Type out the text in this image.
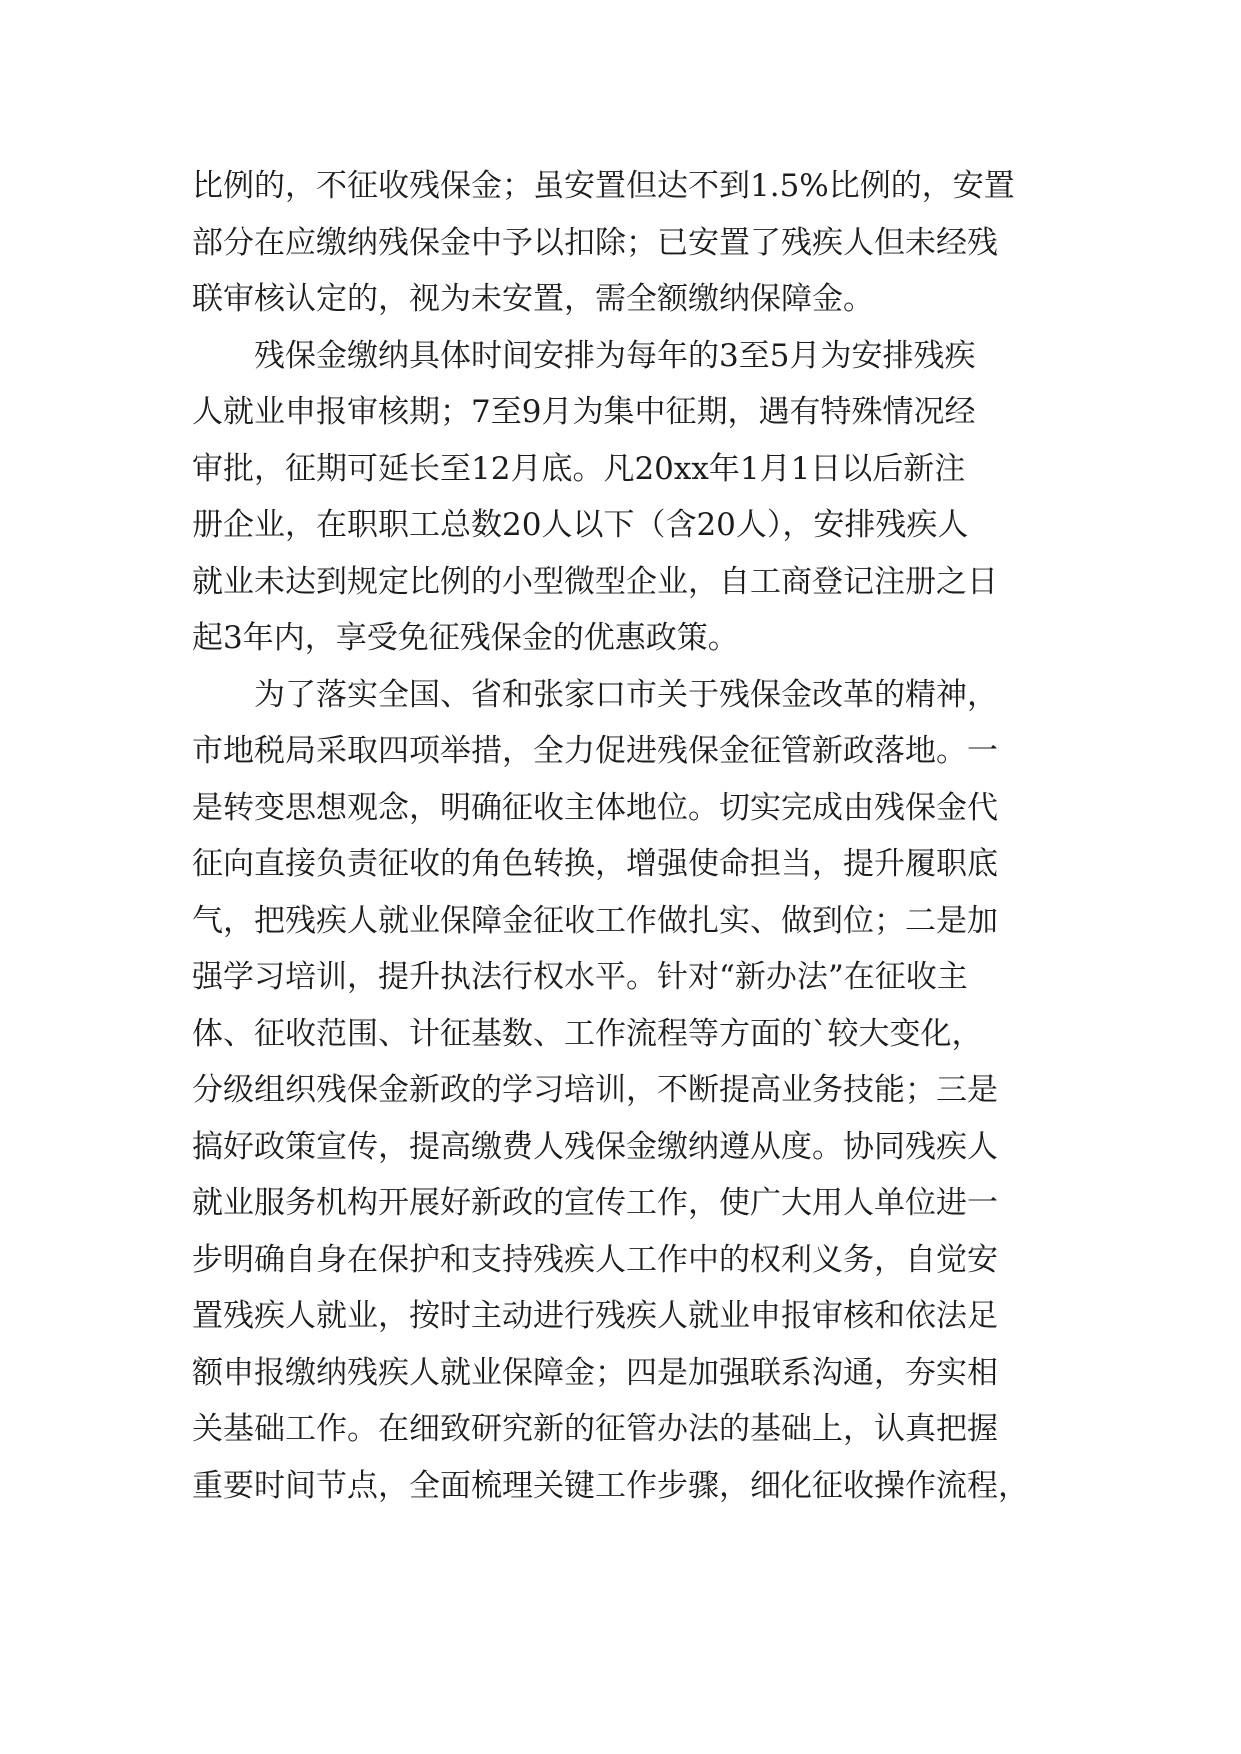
比例的，不征收残保金；虽安置但达不到1.5%比例的，安置
部分在应缴纳残保金中予以扣除；已安置了残疾人但未经残
联审核认定的，视为未安置，需全额缴纳保障金。
　　残保金缴纳具体时间安排为每年的3至5月为安排残疾
人就业申报审核期；7至9月为集中征期，遇有特殊情况经
审批，征期可延长至12月底。凡20xx年1月1日以后新注
册企业，在职职工总数20人以下（含20人），安排残疾人
就业未达到规定比例的小型微型企业，自工商登记注册之日
起3年内，享受免征残保金的优惠政策。
　　为了落实全国、省和张家口市关于残保金改革的精神，
市地税局采取四项举措，全力促进残保金征管新政落地。一
是转变思想观念，明确征收主体地位。切实完成由残保金代
征向直接负责征收的角色转换，增强使命担当，提升履职底
气，把残疾人就业保障金征收工作做扎实、做到位；二是加
强学习培训，提升执法行权水平。针对“新办法”在征收主
体、征收范围、计征基数、工作流程等方面的`较大变化，
分级组织残保金新政的学习培训，不断提高业务技能；三是
搞好政策宣传，提高缴费人残保金缴纳遵从度。协同残疾人
就业服务机构开展好新政的宣传工作，使广大用人单位进一
步明确自身在保护和支持残疾人工作中的权利义务，自觉安
置残疾人就业，按时主动进行残疾人就业申报审核和依法足
额申报缴纳残疾人就业保障金；四是加强联系沟通，夯实相
关基础工作。在细致研究新的征管办法的基础上，认真把握
重要时间节点，全面梳理关键工作步骤，细化征收操作流程，
